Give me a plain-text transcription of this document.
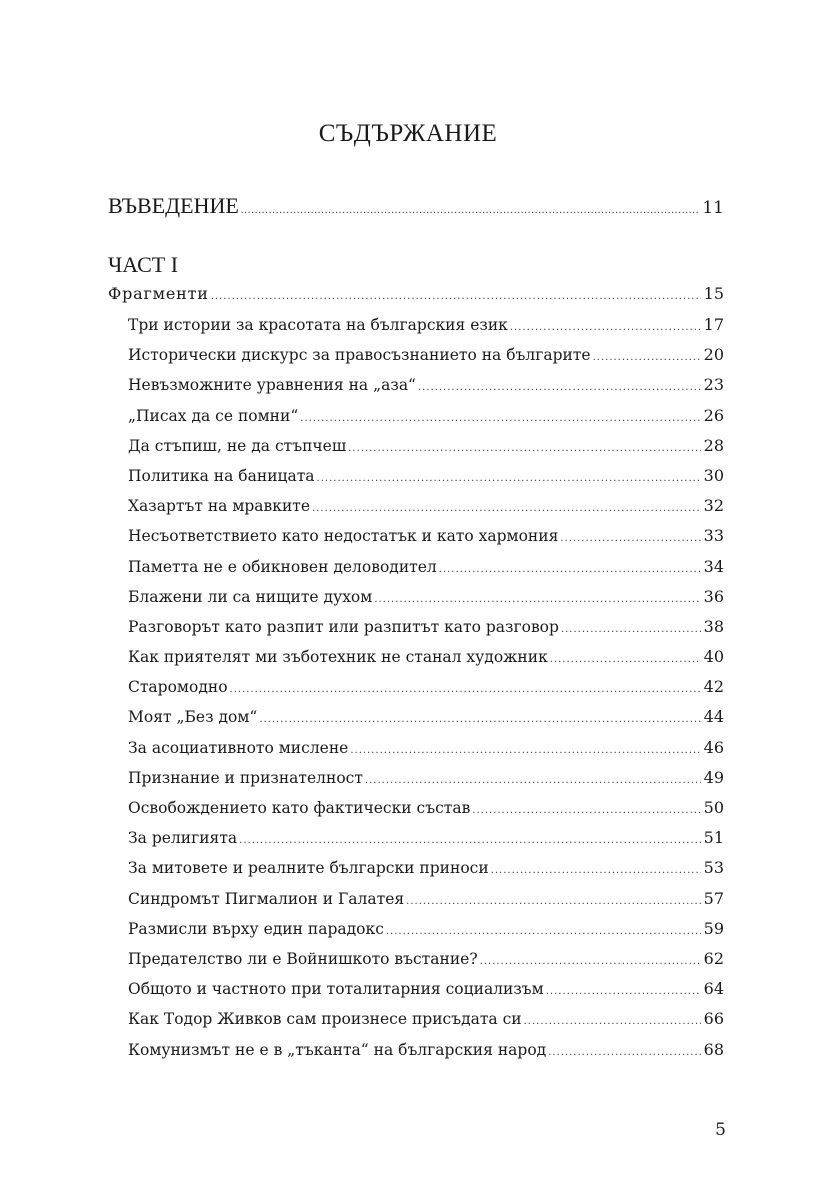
СЪДЪРЖАНИЕ
ВЪВЕДЕНИЕ .....	11
ЧАСТ I
Фрагменти .....	15
Три истории за красотата на българския език .....	17
Исторически дискурс за правосъзнанието на българите .....	20
Невъзможните уравнения на „аза“ .....	23
„Писах да се помни“ .....	26
Да стъпиш, не да стъпчеш .....	28
Политика на баницата .....	30
Хазартът на мравките .....	32
Несъответствието като недостатък и като хармония .....	33
Паметта не е обикновен деловодител .....	34
Блажени ли са нищите духом .....	36
Разговорът като разпит или разпитът като разговор .....	38
Как приятелят ми зъботехник не станал художник .....	40
Старомодно .....	42
Моят „Без дом“ .....	44
За асоциативното мислене .....	46
Признание и признателност .....	49
Освобождението като фактически състав .....	50
За религията .....	51
За митовете и реалните български приноси .....	53
Синдромът Пигмалион и Галатея .....	57
Размисли върху един парадокс .....	59
Предателство ли е Войнишкото въстание? .....	62
Общото и частното при тоталитарния социализъм .....	64
Как Тодор Живков сам произнесе присъдата си .....	66
Комунизмът не е в „тъканта“ на българския народ .....	68
5
